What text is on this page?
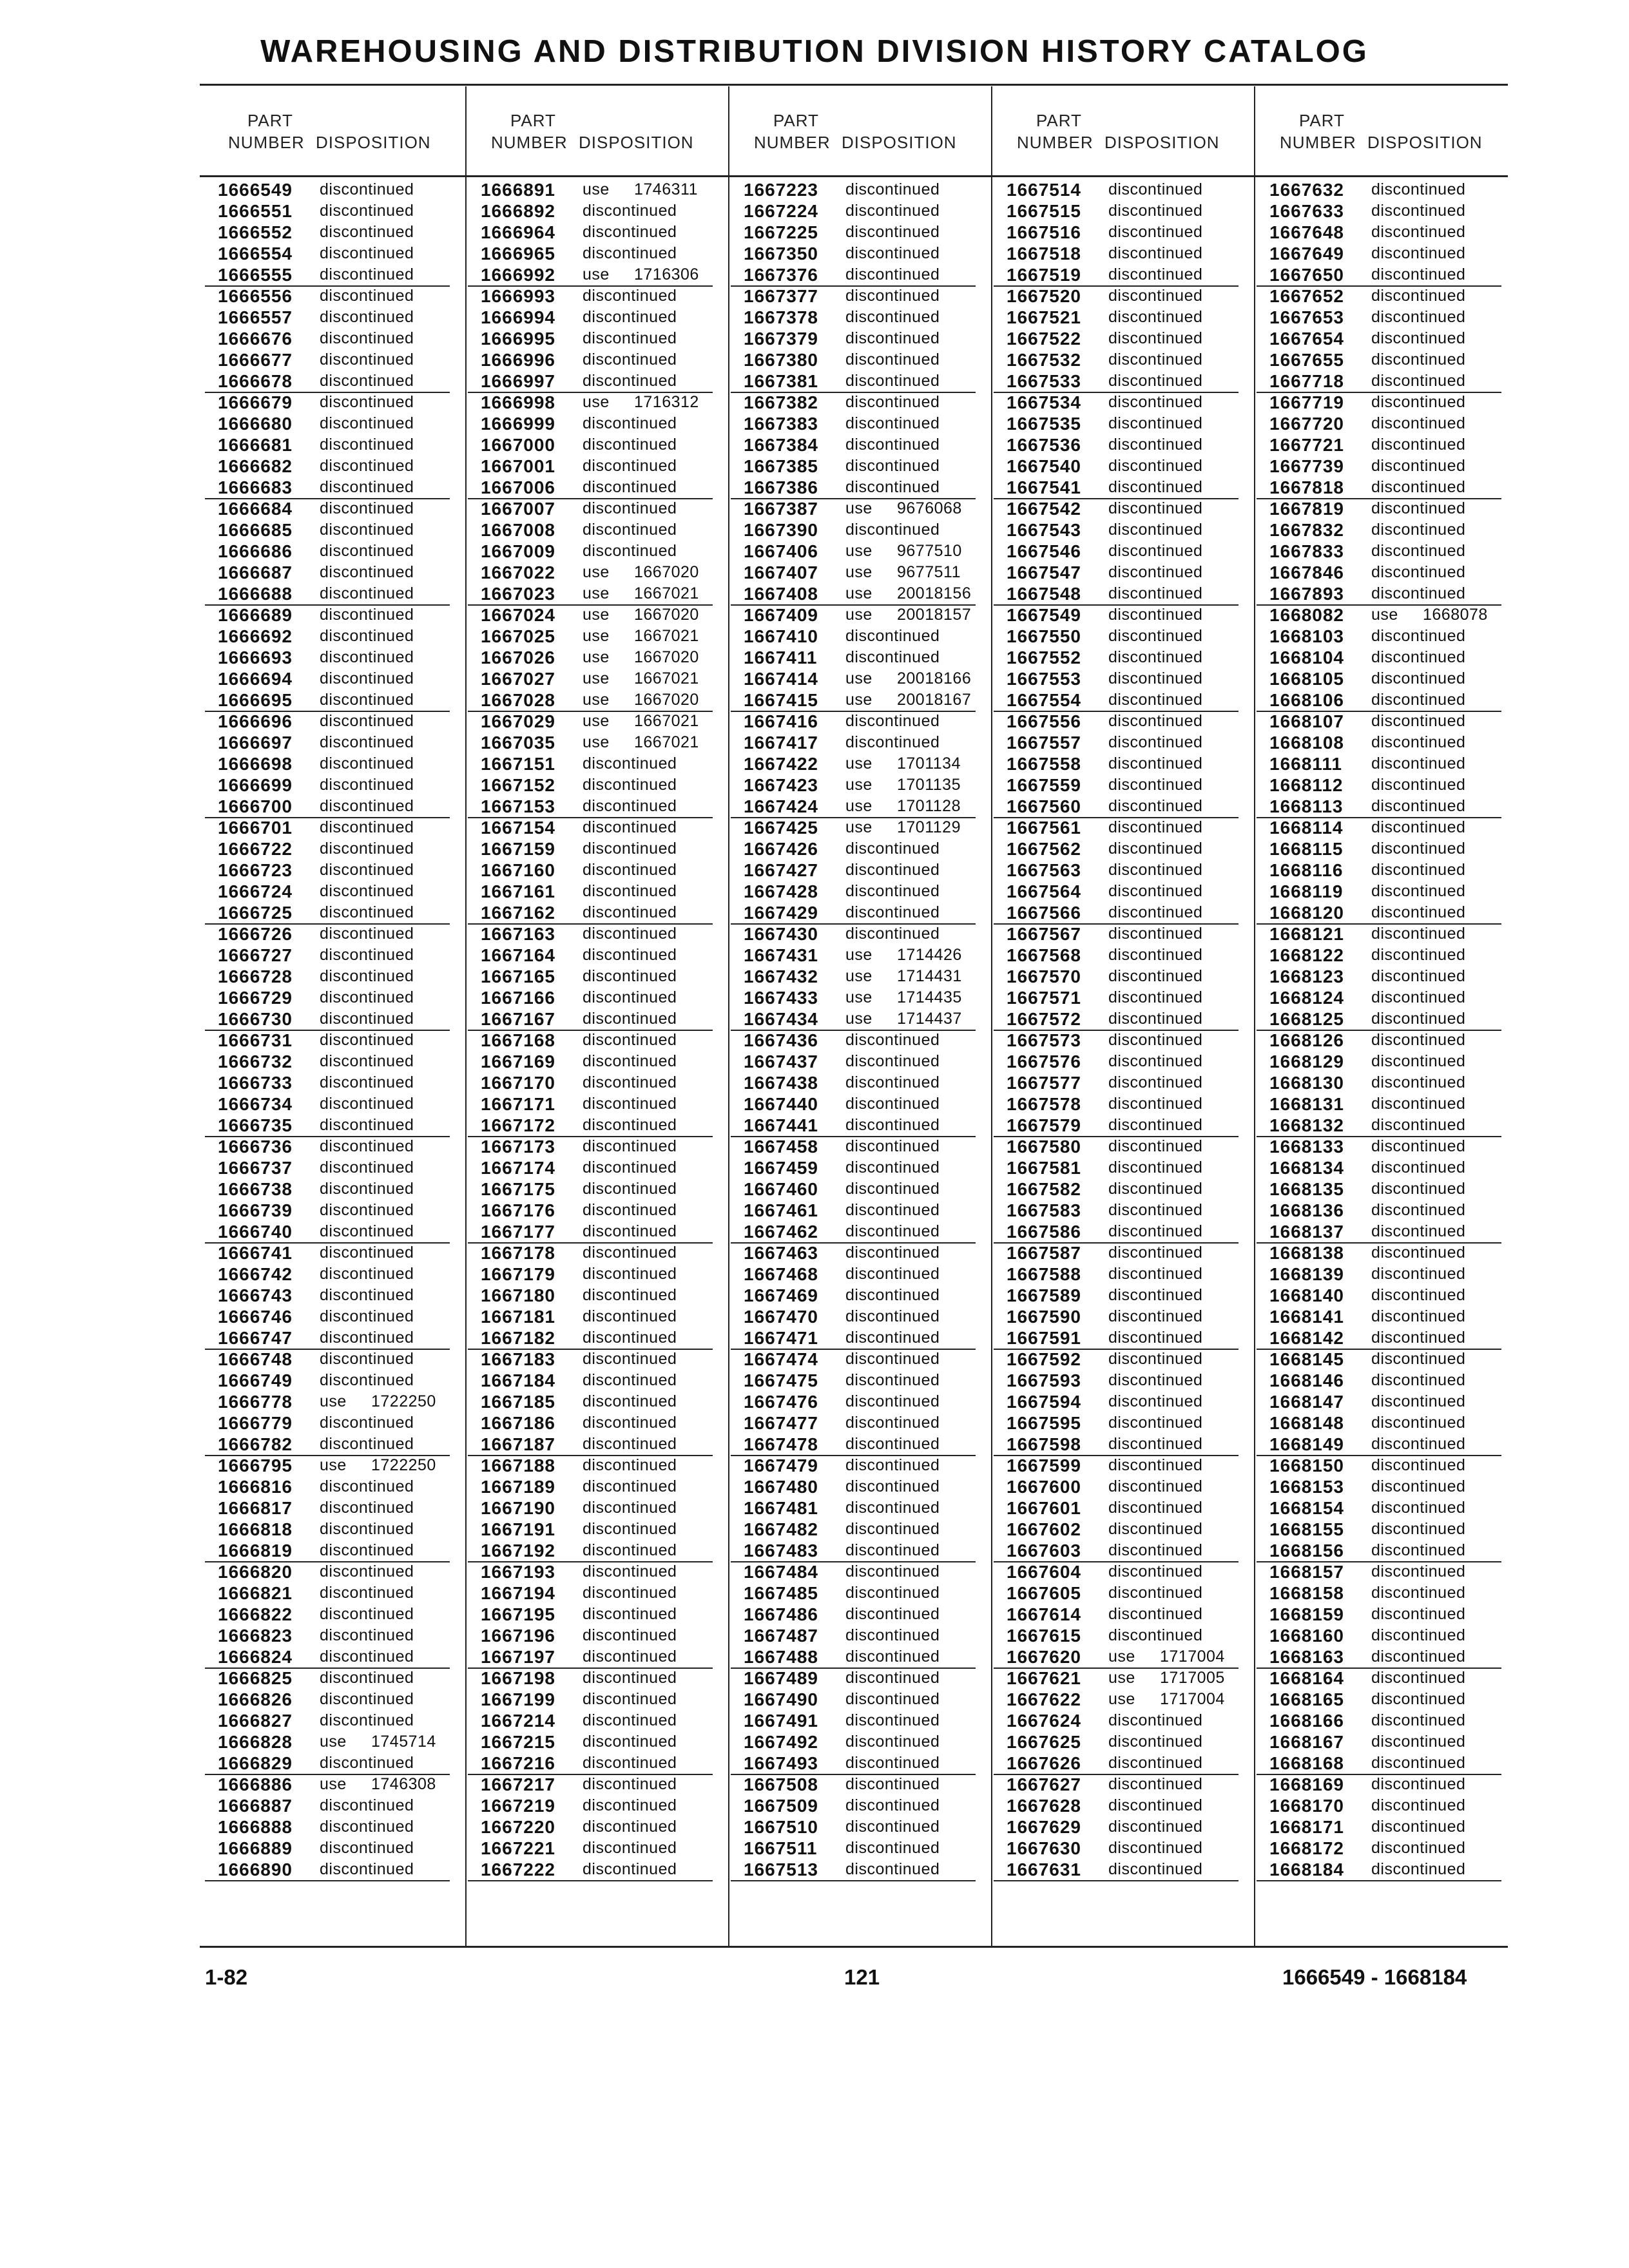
WAREHOUSING AND DISTRIBUTION DIVISION HISTORY CATALOG
PART
NUMBER DISPOSITION
1666549 discontinued
1666551 discontinued
1666552 discontinued
1666554 discontinued
1666555 discontinued
1666556 discontinued
1666557 discontinued
1666676 discontinued
1666677 discontinued
1666678 discontinued
1666679 discontinued
1666680 discontinued
1666681 discontinued
1666682 discontinued
1666683 discontinued
1666684 discontinued
1666685 discontinued
1666686 discontinued
1666687 discontinued
1666688 discontinued
1666689 discontinued
1666692 discontinued
1666693 discontinued
1666694 discontinued
1666695 discontinued
1666696 discontinued
1666697 discontinued
1666698 discontinued
1666699 discontinued
1666700 discontinued
1666701 discontinued
1666722 discontinued
1666723 discontinued
1666724 discontinued
1666725 discontinued
1666726 discontinued
1666727 discontinued
1666728 discontinued
1666729 discontinued
1666730 discontinued
1666731 discontinued
1666732 discontinued
1666733 discontinued
1666734 discontinued
1666735 discontinued
1666736 discontinued
1666737 discontinued
1666738 discontinued
1666739 discontinued
1666740 discontinued
1666741 discontinued
1666742 discontinued
1666743 discontinued
1666746 discontinued
1666747 discontinued
1666748 discontinued
1666749 discontinued
1666778 use 1722250
1666779 discontinued
1666782 discontinued
1666795 use 1722250
1666816 discontinued
1666817 discontinued
1666818 discontinued
1666819 discontinued
1666820 discontinued
1666821 discontinued
1666822 discontinued
1666823 discontinued
1666824 discontinued
1666825 discontinued
1666826 discontinued
1666827 discontinued
1666828 use 1745714
1666829 discontinued
1666886 use 1746308
1666887 discontinued
1666888 discontinued
1666889 discontinued
1666890 discontinued
PART
NUMBER DISPOSITION
1666891 use 1746311
1666892 discontinued
1666964 discontinued
1666965 discontinued
1666992 use 1716306
1666993 discontinued
1666994 discontinued
1666995 discontinued
1666996 discontinued
1666997 discontinued
1666998 use 1716312
1666999 discontinued
1667000 discontinued
1667001 discontinued
1667006 discontinued
1667007 discontinued
1667008 discontinued
1667009 discontinued
1667022 use 1667020
1667023 use 1667021
1667024 use 1667020
1667025 use 1667021
1667026 use 1667020
1667027 use 1667021
1667028 use 1667020
1667029 use 1667021
1667035 use 1667021
1667151 discontinued
1667152 discontinued
1667153 discontinued
1667154 discontinued
1667159 discontinued
1667160 discontinued
1667161 discontinued
1667162 discontinued
1667163 discontinued
1667164 discontinued
1667165 discontinued
1667166 discontinued
1667167 discontinued
1667168 discontinued
1667169 discontinued
1667170 discontinued
1667171 discontinued
1667172 discontinued
1667173 discontinued
1667174 discontinued
1667175 discontinued
1667176 discontinued
1667177 discontinued
1667178 discontinued
1667179 discontinued
1667180 discontinued
1667181 discontinued
1667182 discontinued
1667183 discontinued
1667184 discontinued
1667185 discontinued
1667186 discontinued
1667187 discontinued
1667188 discontinued
1667189 discontinued
1667190 discontinued
1667191 discontinued
1667192 discontinued
1667193 discontinued
1667194 discontinued
1667195 discontinued
1667196 discontinued
1667197 discontinued
1667198 discontinued
1667199 discontinued
1667214 discontinued
1667215 discontinued
1667216 discontinued
1667217 discontinued
1667219 discontinued
1667220 discontinued
1667221 discontinued
1667222 discontinued
PART
NUMBER DISPOSITION
1667223 discontinued
1667224 discontinued
1667225 discontinued
1667350 discontinued
1667376 discontinued
1667377 discontinued
1667378 discontinued
1667379 discontinued
1667380 discontinued
1667381 discontinued
1667382 discontinued
1667383 discontinued
1667384 discontinued
1667385 discontinued
1667386 discontinued
1667387 use 9676068
1667390 discontinued
1667406 use 9677510
1667407 use 9677511
1667408 use 20018156
1667409 use 20018157
1667410 discontinued
1667411 discontinued
1667414 use 20018166
1667415 use 20018167
1667416 discontinued
1667417 discontinued
1667422 use 1701134
1667423 use 1701135
1667424 use 1701128
1667425 use 1701129
1667426 discontinued
1667427 discontinued
1667428 discontinued
1667429 discontinued
1667430 discontinued
1667431 use 1714426
1667432 use 1714431
1667433 use 1714435
1667434 use 1714437
1667436 discontinued
1667437 discontinued
1667438 discontinued
1667440 discontinued
1667441 discontinued
1667458 discontinued
1667459 discontinued
1667460 discontinued
1667461 discontinued
1667462 discontinued
1667463 discontinued
1667468 discontinued
1667469 discontinued
1667470 discontinued
1667471 discontinued
1667474 discontinued
1667475 discontinued
1667476 discontinued
1667477 discontinued
1667478 discontinued
1667479 discontinued
1667480 discontinued
1667481 discontinued
1667482 discontinued
1667483 discontinued
1667484 discontinued
1667485 discontinued
1667486 discontinued
1667487 discontinued
1667488 discontinued
1667489 discontinued
1667490 discontinued
1667491 discontinued
1667492 discontinued
1667493 discontinued
1667508 discontinued
1667509 discontinued
1667510 discontinued
1667511 discontinued
1667513 discontinued
PART
NUMBER DISPOSITION
1667514 discontinued
1667515 discontinued
1667516 discontinued
1667518 discontinued
1667519 discontinued
1667520 discontinued
1667521 discontinued
1667522 discontinued
1667532 discontinued
1667533 discontinued
1667534 discontinued
1667535 discontinued
1667536 discontinued
1667540 discontinued
1667541 discontinued
1667542 discontinued
1667543 discontinued
1667546 discontinued
1667547 discontinued
1667548 discontinued
1667549 discontinued
1667550 discontinued
1667552 discontinued
1667553 discontinued
1667554 discontinued
1667556 discontinued
1667557 discontinued
1667558 discontinued
1667559 discontinued
1667560 discontinued
1667561 discontinued
1667562 discontinued
1667563 discontinued
1667564 discontinued
1667566 discontinued
1667567 discontinued
1667568 discontinued
1667570 discontinued
1667571 discontinued
1667572 discontinued
1667573 discontinued
1667576 discontinued
1667577 discontinued
1667578 discontinued
1667579 discontinued
1667580 discontinued
1667581 discontinued
1667582 discontinued
1667583 discontinued
1667586 discontinued
1667587 discontinued
1667588 discontinued
1667589 discontinued
1667590 discontinued
1667591 discontinued
1667592 discontinued
1667593 discontinued
1667594 discontinued
1667595 discontinued
1667598 discontinued
1667599 discontinued
1667600 discontinued
1667601 discontinued
1667602 discontinued
1667603 discontinued
1667604 discontinued
1667605 discontinued
1667614 discontinued
1667615 discontinued
1667620 use 1717004
1667621 use 1717005
1667622 use 1717004
1667624 discontinued
1667625 discontinued
1667626 discontinued
1667627 discontinued
1667628 discontinued
1667629 discontinued
1667630 discontinued
1667631 discontinued
PART
NUMBER DISPOSITION
1667632 discontinued
1667633 discontinued
1667648 discontinued
1667649 discontinued
1667650 discontinued
1667652 discontinued
1667653 discontinued
1667654 discontinued
1667655 discontinued
1667718 discontinued
1667719 discontinued
1667720 discontinued
1667721 discontinued
1667739 discontinued
1667818 discontinued
1667819 discontinued
1667832 discontinued
1667833 discontinued
1667846 discontinued
1667893 discontinued
1668082 use 1668078
1668103 discontinued
1668104 discontinued
1668105 discontinued
1668106 discontinued
1668107 discontinued
1668108 discontinued
1668111 discontinued
1668112 discontinued
1668113 discontinued
1668114 discontinued
1668115 discontinued
1668116 discontinued
1668119 discontinued
1668120 discontinued
1668121 discontinued
1668122 discontinued
1668123 discontinued
1668124 discontinued
1668125 discontinued
1668126 discontinued
1668129 discontinued
1668130 discontinued
1668131 discontinued
1668132 discontinued
1668133 discontinued
1668134 discontinued
1668135 discontinued
1668136 discontinued
1668137 discontinued
1668138 discontinued
1668139 discontinued
1668140 discontinued
1668141 discontinued
1668142 discontinued
1668145 discontinued
1668146 discontinued
1668147 discontinued
1668148 discontinued
1668149 discontinued
1668150 discontinued
1668153 discontinued
1668154 discontinued
1668155 discontinued
1668156 discontinued
1668157 discontinued
1668158 discontinued
1668159 discontinued
1668160 discontinued
1668163 discontinued
1668164 discontinued
1668165 discontinued
1668166 discontinued
1668167 discontinued
1668168 discontinued
1668169 discontinued
1668170 discontinued
1668171 discontinued
1668172 discontinued
1668184 discontinued
1-82	121	1666549 - 1668184
